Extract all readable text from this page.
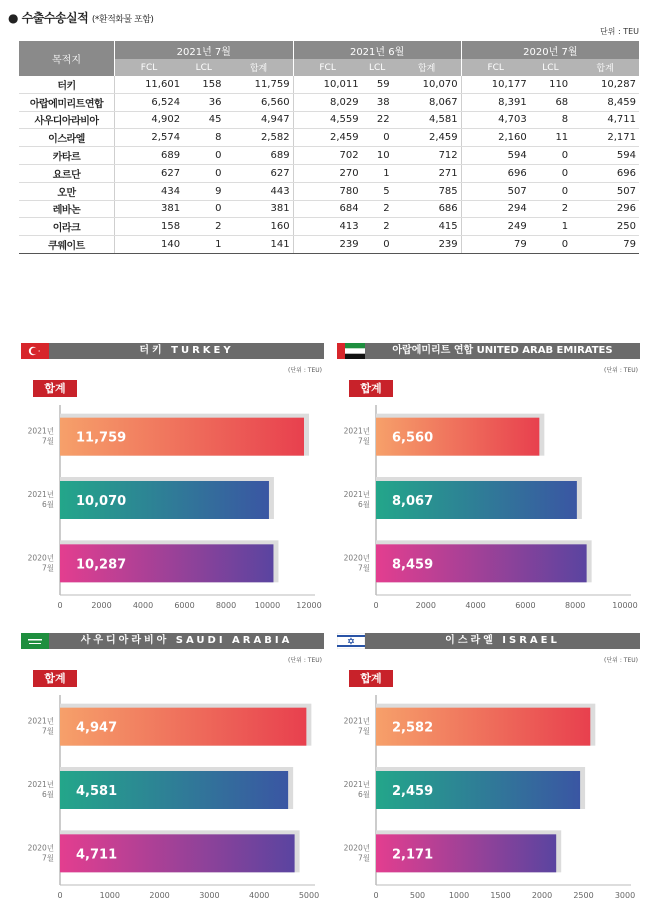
● 수출수송실적 (*환적화물 포함)
단위 : TEU
목적지	2021년 7월			2021년 6월			2020년 7월		
	FCL	LCL	합계	FCL	LCL	합계	FCL	LCL	합계
터키	11,601	158	11,759	10,011	59	10,070	10,177	110	10,287
아랍에미리트연합	6,524	36	6,560	8,029	38	8,067	8,391	68	8,459
사우디아라비아	4,902	45	4,947	4,559	22	4,581	4,703	8	4,711
이스라엘	2,574	8	2,582	2,459	0	2,459	2,160	11	2,171
카타르	689	0	689	702	10	712	594	0	594
요르단	627	0	627	270	1	271	696	0	696
오만	434	9	443	780	5	785	507	0	507
레바논	381	0	381	684	2	686	294	2	296
이라크	158	2	160	413	2	415	249	1	250
쿠웨이트	140	1	141	239	0	239	79	0	79
터키 TURKEY
(단위 : TEU)
합계
11,759
2021년
7월
10,070
2021년
6월
10,287
2020년
7월
0	2000	4000	6000	8000 10000 12000
아랍에미리트 연합 UNITED ARAB EMIRATES
(단위 : TEU)
합계
6,560
2021년
7월
8,067
2021년
6월
8,459
2020년
7월
0	2000	4000	6000	8000	10000
사우디아라비아 SAUDI ARABIA
(단위 : TEU)
합계
4,947
2021년
7월
4,581
2021년
6월
4,711
2020년
7월
0	1000	2000	3000	4000	5000
이스라엘 ISRAEL
(단위 : TEU)
합계
2,582
2021년
7월
2,459
2021년
6월
2,171
2020년
7월
0	500	1000	1500	2000	2500	3000
